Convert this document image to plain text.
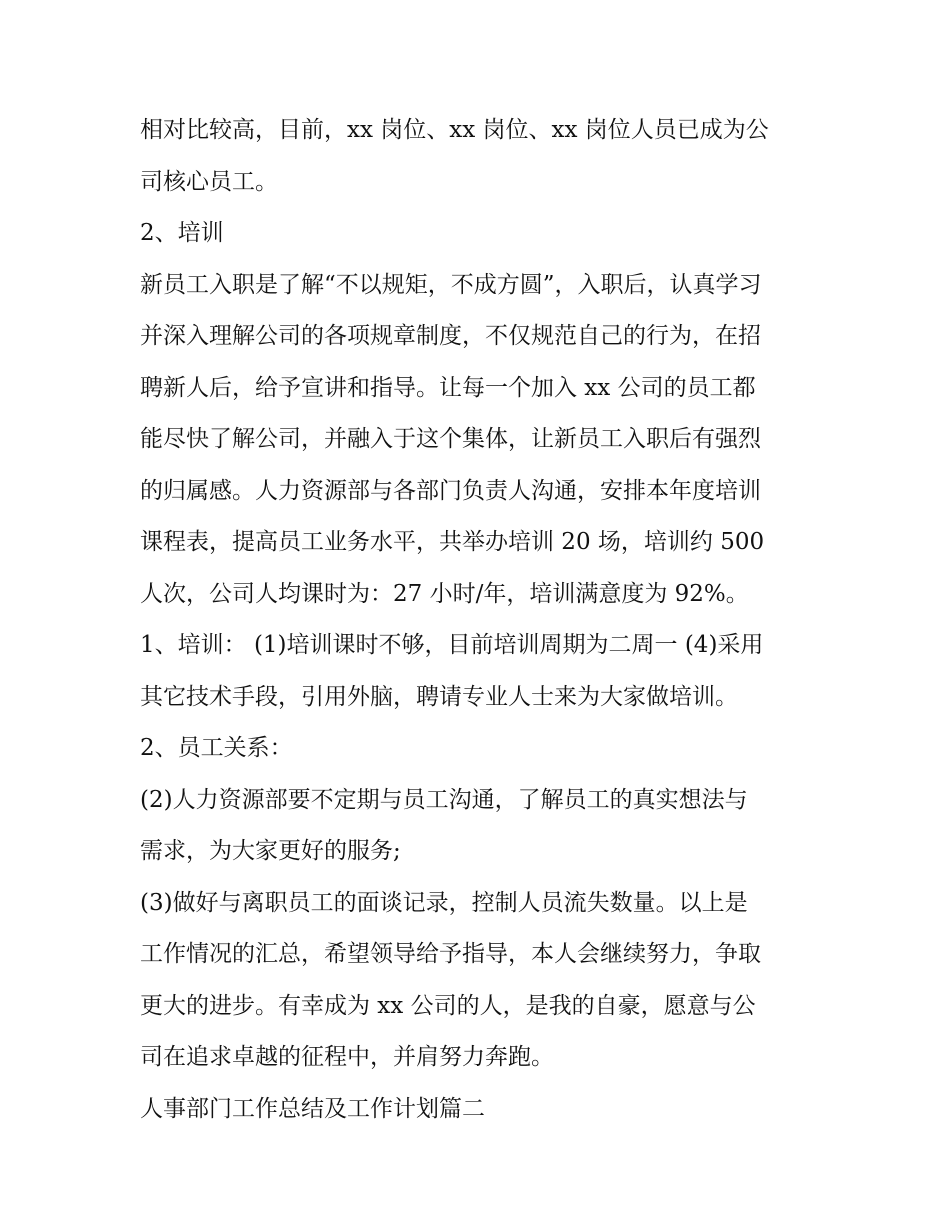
相对比较高，目前，xx 岗位、xx 岗位、xx 岗位人员已成为公
司核心员工。
2、培训
新员工入职是了解“不以规矩，不成方圆”，入职后，认真学习
并深入理解公司的各项规章制度，不仅规范自己的行为，在招
聘新人后，给予宣讲和指导。让每一个加入 xx 公司的员工都
能尽快了解公司，并融入于这个集体，让新员工入职后有强烈
的归属感。人力资源部与各部门负责人沟通，安排本年度培训
课程表，提高员工业务水平，共举办培训 20 场，培训约 500
人次，公司人均课时为：27 小时/年，培训满意度为 92%。
1、培训： (1)培训课时不够，目前培训周期为二周一 (4)采用
其它技术手段，引用外脑，聘请专业人士来为大家做培训。
2、员工关系：
(2)人力资源部要不定期与员工沟通，了解员工的真实想法与
需求，为大家更好的服务;
(3)做好与离职员工的面谈记录，控制人员流失数量。以上是
工作情况的汇总，希望领导给予指导，本人会继续努力，争取
更大的进步。有幸成为 xx 公司的人，是我的自豪，愿意与公
司在追求卓越的征程中，并肩努力奔跑。
人事部门工作总结及工作计划篇二
